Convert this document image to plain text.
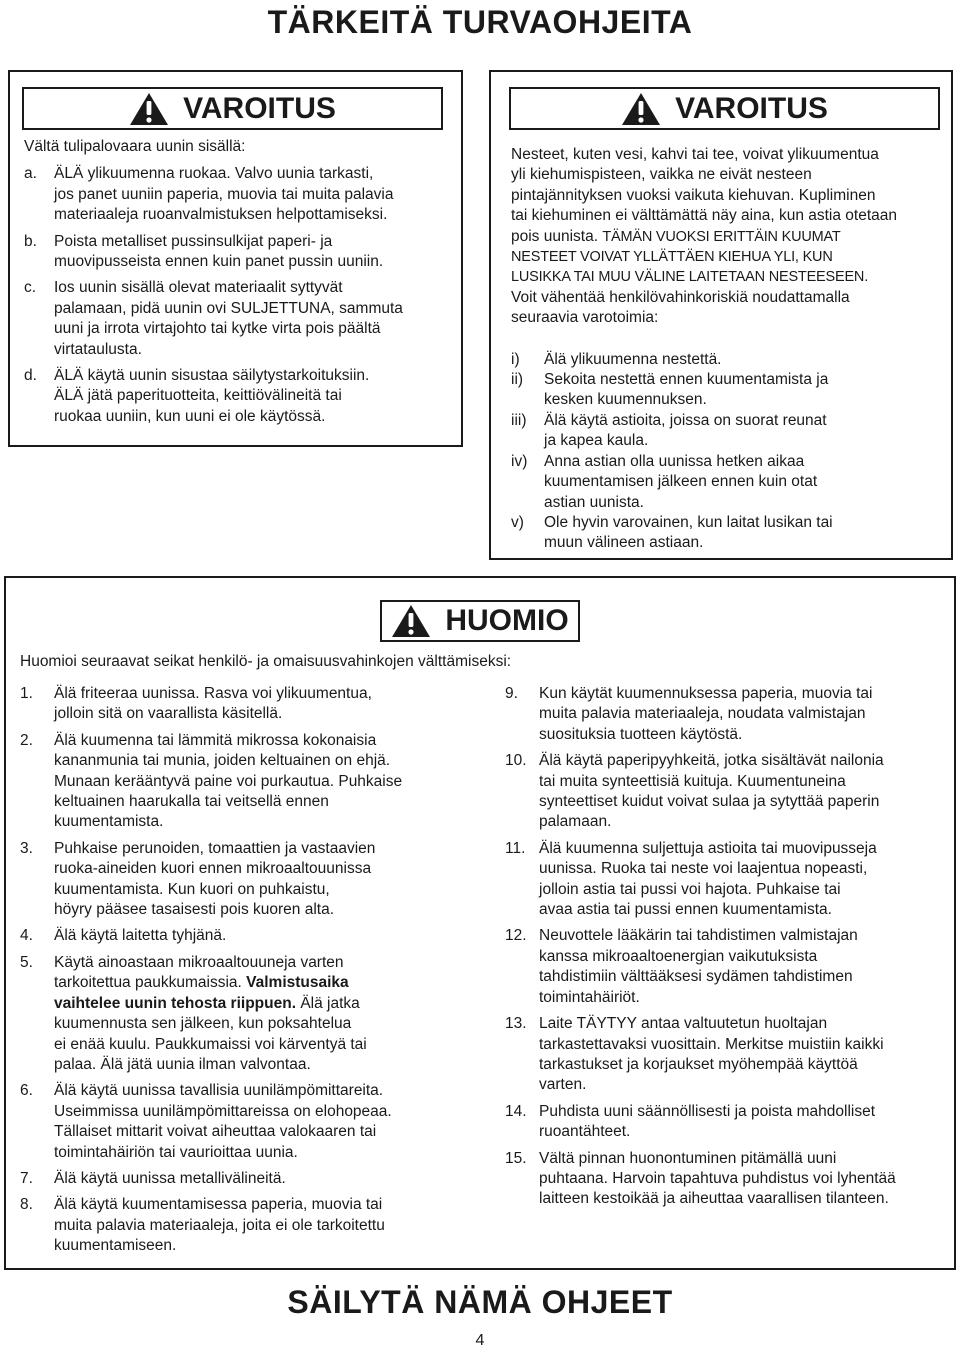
TÄRKEITÄ TURVAOHJEITA
VAROITUS

Vältä tulipalovaara uunin sisällä:

a.	ÄLÄ ylikuumenna ruokaa. Valvo uunia tarkasti,

jos panet uuniin paperia, muovia tai muita palavia

materiaaleja ruoanvalmistuksen helpottamiseksi.

b.	Poista metalliset pussinsulkijat paperi- ja

muovipusseista ennen kuin panet pussin uuniin.

c.	Ios uunin sisällä olevat materiaalit syttyvät

palamaan, pidä uunin ovi SULJETTUNA, sammuta

uuni ja irrota virtajohto tai kytke virta pois päältä

virtataulusta.

d.	ÄLÄ käytä uunin sisustaa säilytystarkoituksiin.

ÄLÄ jätä paperituotteita, keittiövälineitä tai

ruokaa uuniin, kun uuni ei ole käytössä.

VAROITUS

Nesteet, kuten vesi, kahvi tai tee, voivat ylikuumentua

yli kiehumispisteen, vaikka ne eivät nesteen

pintajännityksen vuoksi vaikuta kiehuvan. Kupliminen

tai kiehuminen ei välttämättä näy aina, kun astia otetaan

pois uunista. TÄMÄN VUOKSI ERITTÄIN KUUMAT

NESTEET VOIVAT YLLÄTTÄEN KIEHUA YLI, KUN

LUSIKKA TAI MUU VÄLINE LAITETAAN NESTEESEEN.

Voit vähentää henkilövahinkoriskiä noudattamalla

seuraavia varotoimia:

i)	Älä ylikuumenna nestettä.

ii)	Sekoita nestettä ennen kuumentamista ja

kesken kuumennuksen.

iii)	Älä käytä astioita, joissa on suorat reunat

ja kapea kaula.

iv)	Anna astian olla uunissa hetken aikaa

kuumentamisen jälkeen ennen kuin otat

astian uunista.

v)	Ole hyvin varovainen, kun laitat lusikan tai

muun välineen astiaan.

HUOMIO
Huomioi seuraavat seikat henkilö- ja omaisuusvahinkojen välttämiseksi:
1.	Älä friteeraa uunissa. Rasva voi ylikuumentua,

jolloin sitä on vaarallista käsitellä.

2.	Älä kuumenna tai lämmitä mikrossa kokonaisia

kananmunia tai munia, joiden keltuainen on ehjä.

Munaan kerääntyvä paine voi purkautua. Puhkaise

keltuainen haarukalla tai veitsellä ennen

kuumentamista.

3.	Puhkaise perunoiden, tomaattien ja vastaavien

ruoka-aineiden kuori ennen mikroaaltouunissa

kuumentamista. Kun kuori on puhkaistu,

höyry pääsee tasaisesti pois kuoren alta.

4.	Älä käytä laitetta tyhjänä.

5.	Käytä ainoastaan mikroaaltouuneja varten

tarkoitettua paukkumaissia. Valmistusaika

vaihtelee uunin tehosta riippuen. Älä jatka

kuumennusta sen jälkeen, kun poksahtelua

ei enää kuulu. Paukkumaissi voi kärventyä tai

palaa. Älä jätä uunia ilman valvontaa.

6.	Älä käytä uunissa tavallisia uunilämpömittareita.

Useimmissa uunilämpömittareissa on elohopeaa.

Tällaiset mittarit voivat aiheuttaa valokaaren tai

toimintahäiriön tai vaurioittaa uunia.

7.	Älä käytä uunissa metallivälineitä.

8.	Älä käytä kuumentamisessa paperia, muovia tai

muita palavia materiaaleja, joita ei ole tarkoitettu

kuumentamiseen.

9.	Kun käytät kuumennuksessa paperia, muovia tai

muita palavia materiaaleja, noudata valmistajan

suosituksia tuotteen käytöstä.

10. Älä käytä paperipyyhkeitä, jotka sisältävät nailonia

tai muita synteettisiä kuituja. Kuumentuneina

synteettiset kuidut voivat sulaa ja sytyttää paperin

palamaan.

11. Älä kuumenna suljettuja astioita tai muovipusseja

uunissa. Ruoka tai neste voi laajentua nopeasti,

jolloin astia tai pussi voi hajota. Puhkaise tai

avaa astia tai pussi ennen kuumentamista.

12. Neuvottele lääkärin tai tahdistimen valmistajan

kanssa mikroaaltoenergian vaikutuksista

tahdistimiin välttääksesi sydämen tahdistimen

toimintahäiriöt.

13. Laite TÄYTYY antaa valtuutetun huoltajan

tarkastettavaksi vuosittain. Merkitse muistiin kaikki

tarkastukset ja korjaukset myöhempää käyttöä

varten.

14. Puhdista uuni säännöllisesti ja poista mahdolliset

ruoantähteet.

15. Vältä pinnan huonontuminen pitämällä uuni

puhtaana. Harvoin tapahtuva puhdistus voi lyhentää

laitteen kestoikää ja aiheuttaa vaarallisen tilanteen.

SÄILYTÄ NÄMÄ OHJEET
4
